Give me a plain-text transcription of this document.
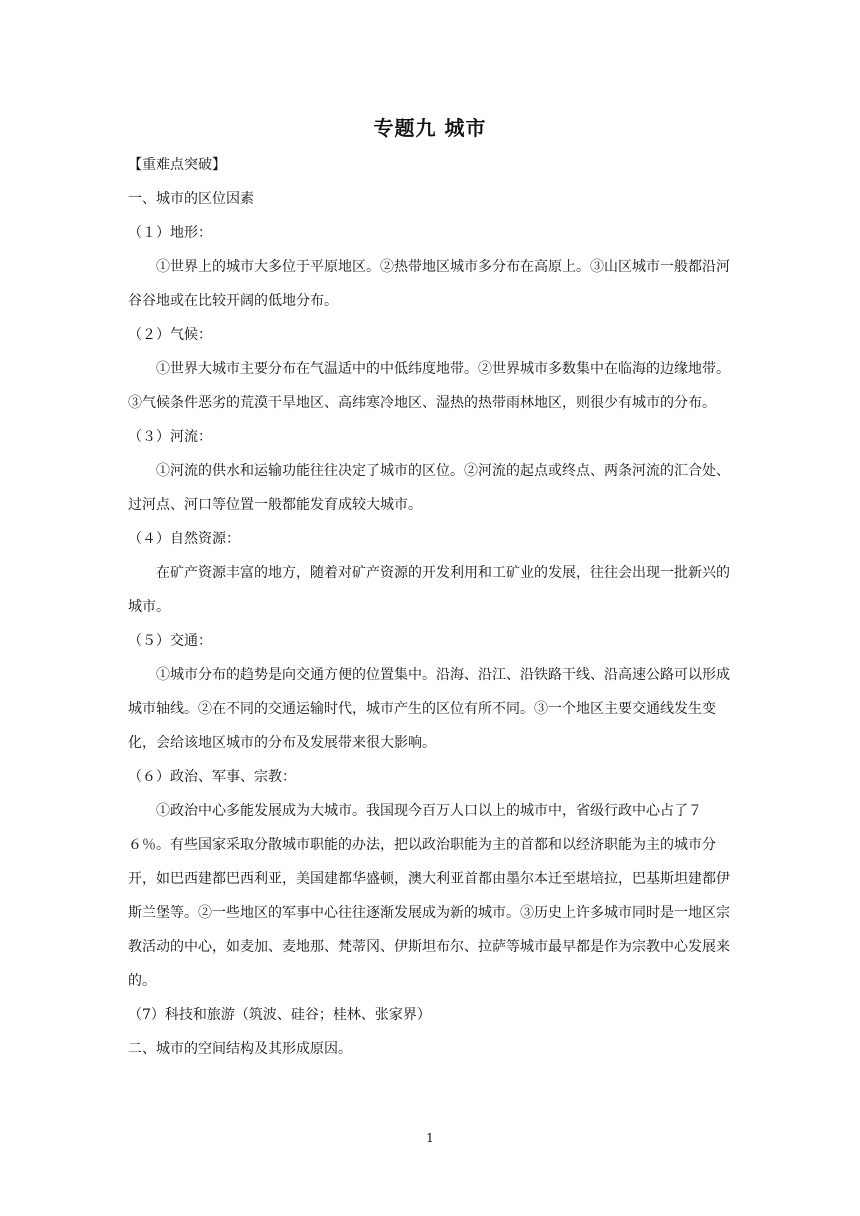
专题九 城市

【重难点突破】

一、城市的区位因素

（１）地形：

①世界上的城市大多位于平原地区。②热带地区城市多分布在高原上。③山区城市一般都沿河谷谷地或在比较开阔的低地分布。

（２）气候：

①世界大城市主要分布在气温适中的中低纬度地带。②世界城市多数集中在临海的边缘地带。③气候条件恶劣的荒漠干旱地区、高纬寒冷地区、湿热的热带雨林地区，则很少有城市的分布。

（３）河流：

①河流的供水和运输功能往往决定了城市的区位。②河流的起点或终点、两条河流的汇合处、过河点、河口等位置一般都能发育成较大城市。

（４）自然资源：

在矿产资源丰富的地方，随着对矿产资源的开发利用和工矿业的发展，往往会出现一批新兴的城市。

（５）交通：

①城市分布的趋势是向交通方便的位置集中。沿海、沿江、沿铁路干线、沿高速公路可以形成城市轴线。②在不同的交通运输时代，城市产生的区位有所不同。③一个地区主要交通线发生变化，会给该地区城市的分布及发展带来很大影响。

（６）政治、军事、宗教：

①政治中心多能发展成为大城市。我国现今百万人口以上的城市中，省级行政中心占了７６％。有些国家采取分散城市职能的办法，把以政治职能为主的首都和以经济职能为主的城市分开，如巴西建都巴西利亚，美国建都华盛顿，澳大利亚首都由墨尔本迁至堪培拉，巴基斯坦建都伊斯兰堡等。②一些地区的军事中心往往逐渐发展成为新的城市。③历史上许多城市同时是一地区宗教活动的中心，如麦加、麦地那、梵蒂冈、伊斯坦布尔、拉萨等城市最早都是作为宗教中心发展来的。

（7）科技和旅游（筑波、硅谷；桂林、张家界）

二、城市的空间结构及其形成原因。

1
